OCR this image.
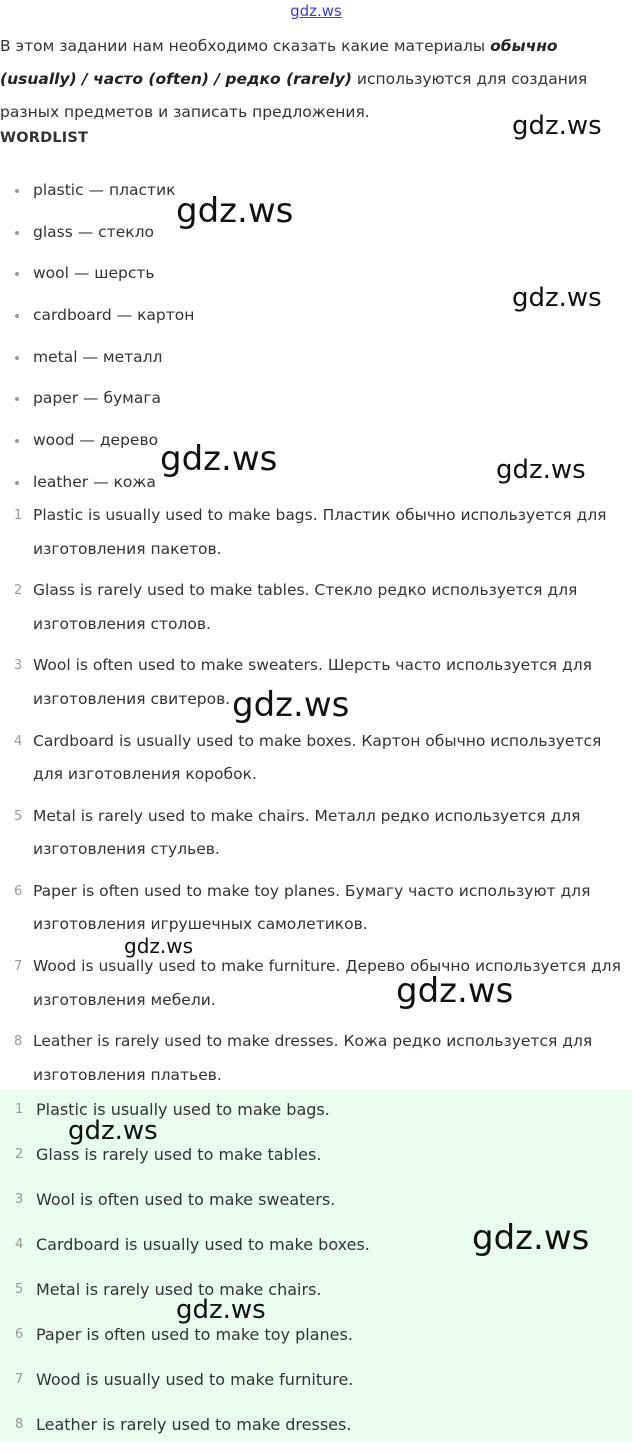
gdz.ws
В этом задании нам необходимо сказать какие материалы обычно (usually) / часто (often) / редко (rarely) используются для создания разных предметов и записать предложения.
WORDLIST
plastic — пластик
glass — стекло
wool — шерсть
cardboard — картон
metal — металл
paper — бумага
wood — дерево
leather — кожа
1 Plastic is usually used to make bags. Пластик обычно используется для изготовления пакетов.
2 Glass is rarely used to make tables. Стекло редко используется для изготовления столов.
3 Wool is often used to make sweaters. Шерсть часто используется для изготовления свитеров.
4 Cardboard is usually used to make boxes. Картон обычно используется для изготовления коробок.
5 Metal is rarely used to make chairs. Металл редко используется для изготовления стульев.
6 Paper is often used to make toy planes. Бумагу часто используют для изготовления игрушечных самолетиков.
7 Wood is usually used to make furniture. Дерево обычно используется для изготовления мебели.
8 Leather is rarely used to make dresses. Кожа редко используется для изготовления платьев.
1 Plastic is usually used to make bags.
2 Glass is rarely used to make tables.
3 Wool is often used to make sweaters.
4 Cardboard is usually used to make boxes.
5 Metal is rarely used to make chairs.
6 Paper is often used to make toy planes.
7 Wood is usually used to make furniture.
8 Leather is rarely used to make dresses.
gdz.ws
gdz.ws
gdz.ws
gdz.ws	gdz.ws
gdz.ws
gdz.ws
gdz.ws
gdz.ws
gdz.ws
gdz.ws
